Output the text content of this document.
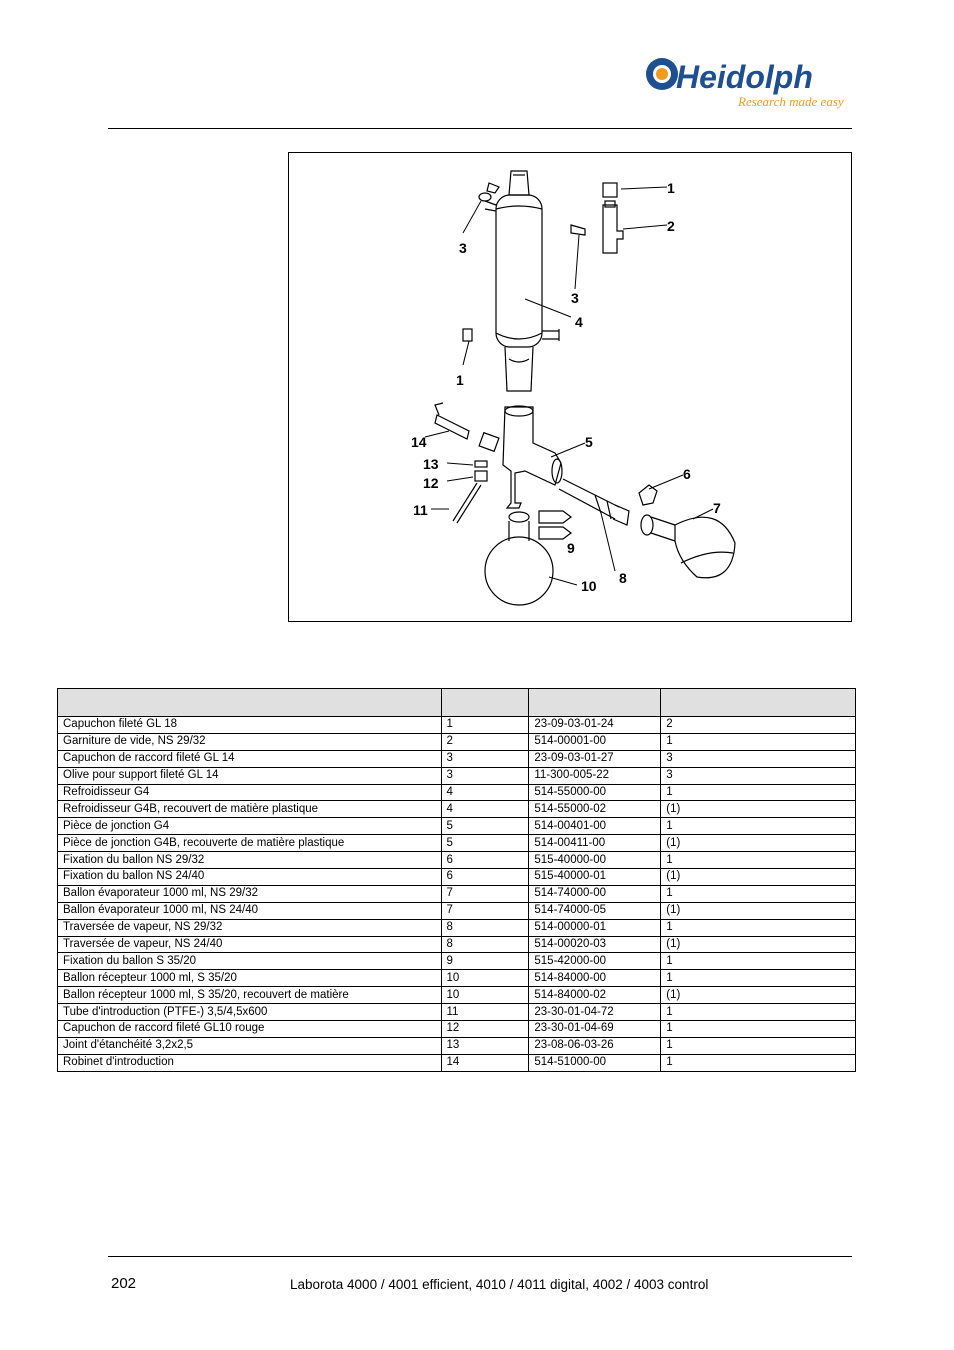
Heidolph
Research made easy
1
2
3
3
4
1
14	5
13
12
11
6
7
9
8
10

Capuchon fileté GL 18	1	23-09-03-01-24	2
Garniture de vide, NS 29/32	2	514-00001-00	1
Capuchon de raccord fileté GL 14	3	23-09-03-01-27	3
Olive pour support fileté GL 14	3	11-300-005-22	3
Refroidisseur G4	4	514-55000-00	1
Refroidisseur G4B, recouvert de matière plastique	4	514-55000-02	(1)
Pièce de jonction G4	5	514-00401-00	1
Pièce de jonction G4B, recouverte de matière plastique	5	514-00411-00	(1)
Fixation du ballon NS 29/32	6	515-40000-00	1
Fixation du ballon NS 24/40	6	515-40000-01	(1)
Ballon évaporateur 1000 ml, NS 29/32	7	514-74000-00	1
Ballon évaporateur 1000 ml, NS 24/40	7	514-74000-05	(1)
Traversée de vapeur, NS 29/32	8	514-00000-01	1
Traversée de vapeur, NS 24/40	8	514-00020-03	(1)
Fixation du ballon S 35/20	9	515-42000-00	1
Ballon récepteur 1000 ml, S 35/20	10	514-84000-00	1
Ballon récepteur 1000 ml, S 35/20, recouvert de matière	10	514-84000-02	(1)
Tube d'introduction (PTFE-) 3,5/4,5x600	11	23-30-01-04-72	1
Capuchon de raccord fileté GL10 rouge	12	23-30-01-04-69	1
Joint d'étanchéité 3,2x2,5	13	23-08-06-03-26	1
Robinet d'introduction	14	514-51000-00	1
202	Laborota 4000 / 4001 efficient, 4010 / 4011 digital, 4002 / 4003 control
